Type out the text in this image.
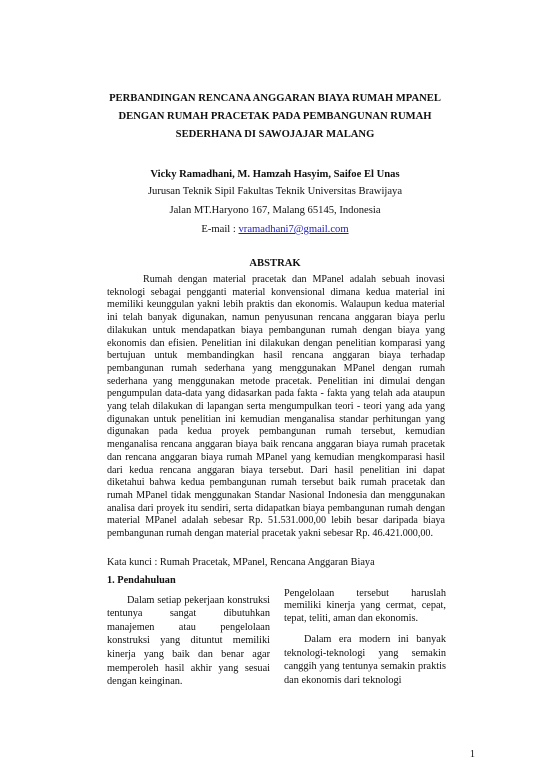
PERBANDINGAN RENCANA ANGGARAN BIAYA RUMAH MPANEL
DENGAN RUMAH PRACETAK PADA PEMBANGUNAN RUMAH
SEDERHANA DI SAWOJAJAR MALANG
Vicky Ramadhani, M. Hamzah Hasyim, Saifoe El Unas
Jurusan Teknik Sipil Fakultas Teknik Universitas Brawijaya
Jalan MT.Haryono 167, Malang 65145, Indonesia
E-mail : vramadhani7@gmail.com
ABSTRAK

Rumah dengan material pracetak dan MPanel adalah sebuah inovasi teknologi sebagai pengganti material konvensional dimana kedua material ini memiliki keunggulan yakni lebih praktis dan ekonomis. Walaupun kedua material ini telah banyak digunakan, namun penyusunan rencana anggaran biaya perlu dilakukan untuk mendapatkan biaya pembangunan rumah dengan biaya yang ekonomis dan efisien. Penelitian ini dilakukan dengan penelitian komparasi yang bertujuan untuk membandingkan hasil rencana anggaran biaya terhadap pembangunan rumah sederhana yang menggunakan MPanel dengan rumah sederhana yang menggunakan metode pracetak. Penelitian ini dimulai dengan pengumpulan data-data yang didasarkan pada fakta - fakta yang telah ada ataupun yang telah dilakukan di lapangan serta mengumpulkan teori - teori yang ada yang digunakan untuk penelitian ini kemudian menganalisa standar perhitungan yang digunakan pada kedua proyek pembangunan rumah tersebut, kemudian menganalisa rencana anggaran biaya baik rencana anggaran biaya rumah pracetak dan rencana anggaran biaya rumah MPanel yang kemudian mengkomparasi hasil dari kedua rencana anggaran biaya tersebut. Dari hasil penelitian ini dapat diketahui bahwa kedua pembangunan rumah tersebut baik rumah pracetak dan rumah MPanel tidak menggunakan Standar Nasional Indonesia dan menggunakan analisa dari proyek itu sendiri, serta didapatkan biaya pembangunan rumah dengan material MPanel adalah sebesar Rp. 51.531.000,00 lebih besar daripada biaya pembangunan rumah dengan material pracetak yakni sebesar Rp. 46.421.000,00.

Kata kunci : Rumah Pracetak, MPanel, Rencana Anggaran Biaya
1. Pendahuluan

Dalam setiap pekerjaan konstruksi tentunya sangat dibutuhkan manajemen atau pengelolaan konstruksi yang dituntut memiliki kinerja yang baik dan benar agar memperoleh hasil akhir yang sesuai dengan keinginan.

Pengelolaan tersebut haruslah memiliki kinerja yang cermat, cepat, tepat, teliti, aman dan ekonomis.

Dalam era modern ini banyak teknologi-teknologi yang semakin canggih yang tentunya semakin praktis dan ekonomis dari teknologi

1
